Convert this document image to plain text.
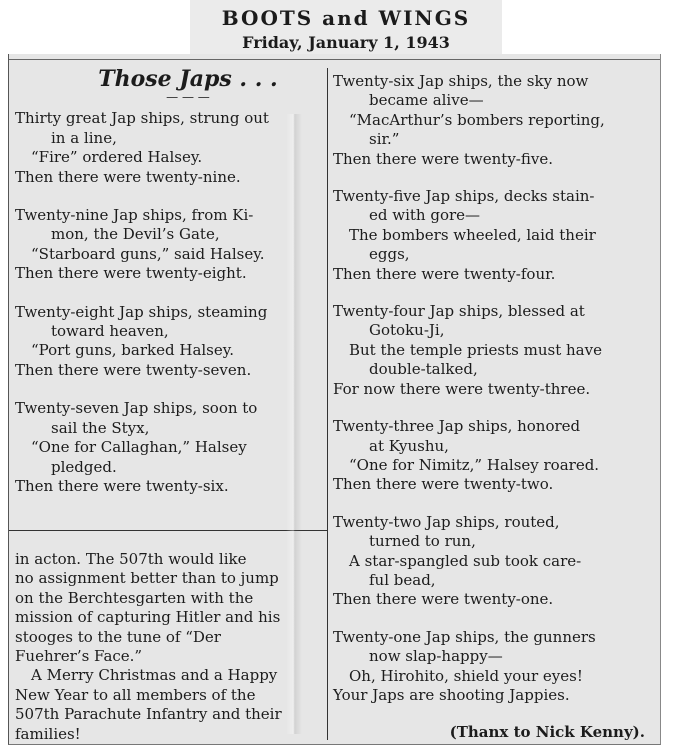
BOOTS and WINGS
Friday, January 1, 1943
Those Japs . . .
— — —
Thirty great Jap ships, strung out
in a line,
“Fire” ordered Halsey.
Then there were twenty-nine.
Twenty-nine Jap ships, from Ki-
mon, the Devil’s Gate,
“Starboard guns,” said Halsey.
Then there were twenty-eight.
Twenty-eight Jap ships, steaming
toward heaven,
“Port guns, barked Halsey.
Then there were twenty-seven.
Twenty-seven Jap ships, soon to
sail the Styx,
“One for Callaghan,” Halsey
pledged.
Then there were twenty-six.
Twenty-six Jap ships, the sky now
became alive—
“MacArthur’s bombers reporting,
sir.”
Then there were twenty-five.
Twenty-five Jap ships, decks stain-
ed with gore—
The bombers wheeled, laid their
eggs,
Then there were twenty-four.
Twenty-four Jap ships, blessed at
Gotoku-Ji,
But the temple priests must have
double-talked,
For now there were twenty-three.
Twenty-three Jap ships, honored
at Kyushu,
“One for Nimitz,” Halsey roared.
Then there were twenty-two.
Twenty-two Jap ships, routed,
turned to run,
A star-spangled sub took care-
ful bead,
Then there were twenty-one.
Twenty-one Jap ships, the gunners
now slap-happy—
Oh, Hirohito, shield your eyes!
Your Japs are shooting Jappies.
(Thanx to Nick Kenny).
in acton. The 507th would like
no assignment better than to jump
on the Berchtesgarten with the
mission of capturing Hitler and his
stooges to the tune of “Der
Fuehrer’s Face.”
A Merry Christmas and a Happy
New Year to all members of the
507th Parachute Infantry and their
families!
